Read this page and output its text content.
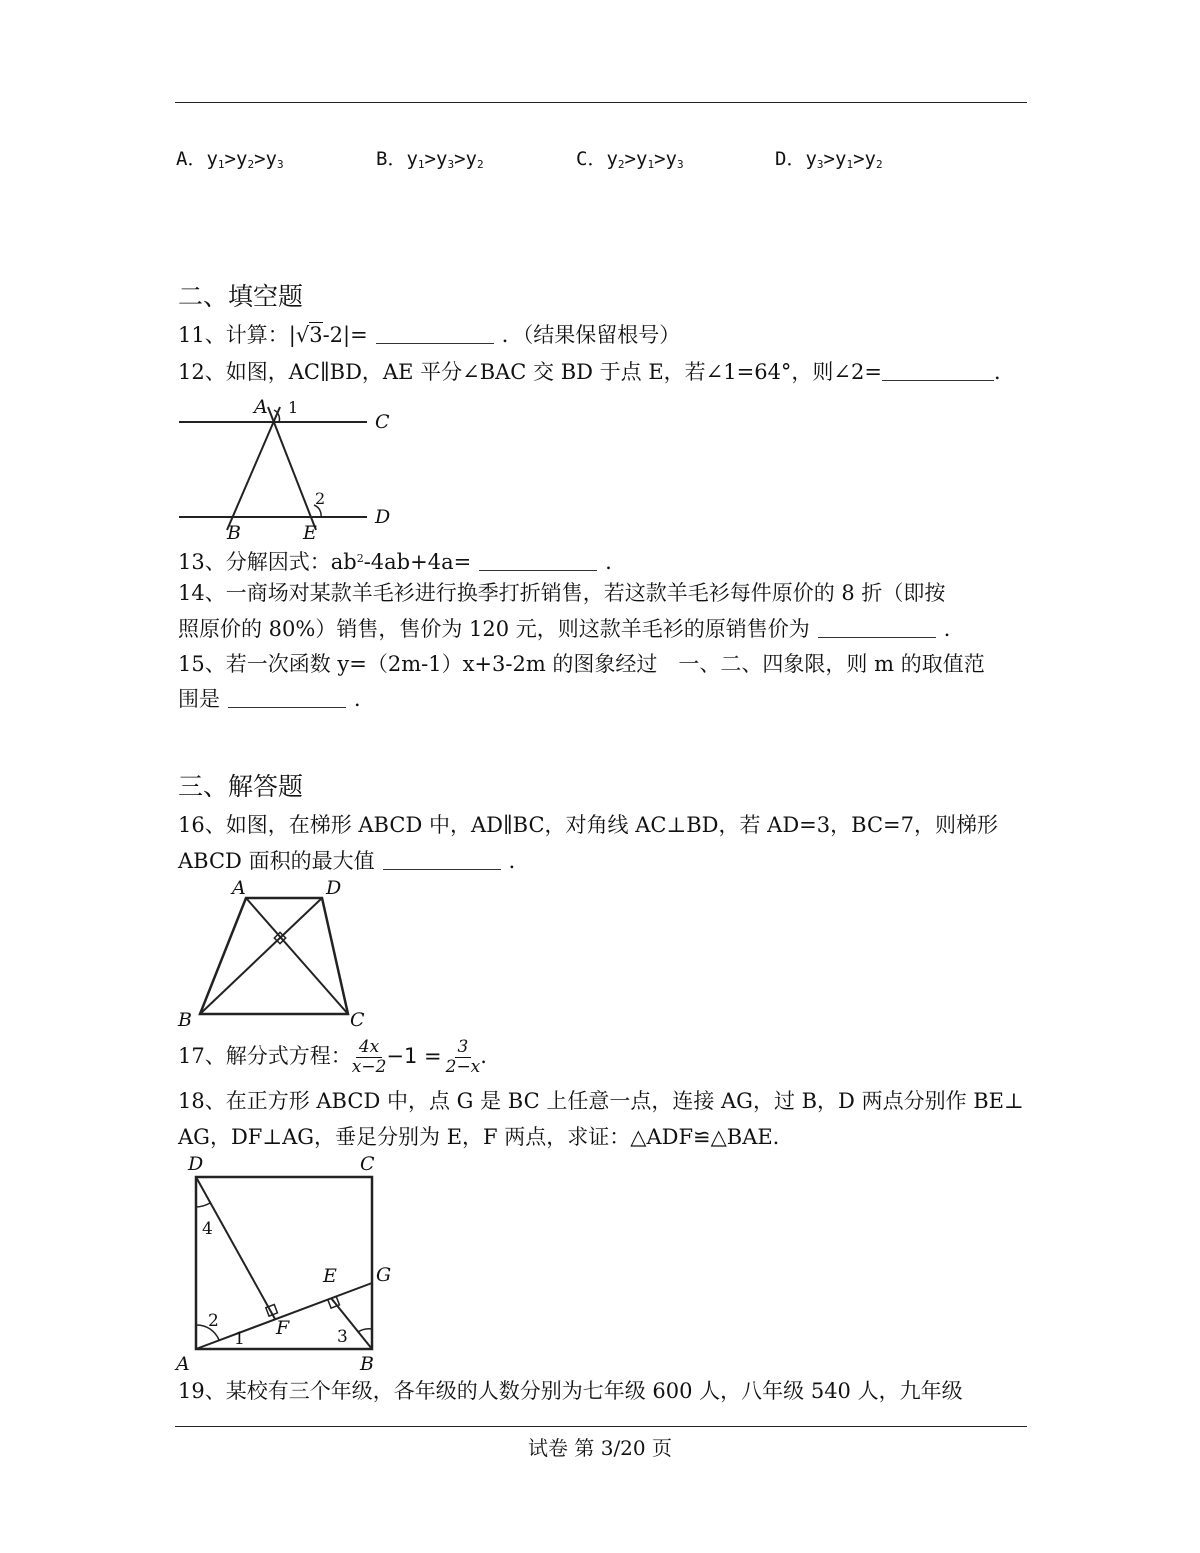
A．$y_1>y_2>y_3$	B．$y_1>y_3>y_2$	C．$y_2>y_1>y_3$	D．$y_3>y_1>y_2$
二、填空题
11、计算：|√3-2|=	．（结果保留根号）
12、如图，AC∥BD，AE 平分∠BAC 交 BD 于点 E，若∠1=64°，则∠2=	．
A 1
C
2
B	E
D
13、分解因式：$ab^2-4ab+4a=$	．
14、一商场对某款羊毛衫进行换季打折销售，若这款羊毛衫每件原价的 8 折（即按
照原价的 80%）销售，售价为 120 元，则这款羊毛衫的原销售价为	．
15、若一次函数 y=（2m-1）x+3-2m 的图象经过　一、二、四象限，则 m 的取值范
围是	．
三、解答题
16、如图，在梯形 ABCD 中，AD∥BC，对角线 AC⊥BD，若 AD=3，BC=7，则梯形
ABCD 面积的最大值	．
A	D
B	C
17、解分式方程： $\frac{4x}{x-2} -1 = \frac{3}{2-x}$ .
18、在正方形 ABCD 中，点 G 是 BC 上任意一点，连接 AG，过 B，D 两点分别作 BE⊥
AG，DF⊥AG，垂足分别为 E，F 两点，求证：△ADF≌△BAE.
D	C
4
E G
2	F
1	3
A	B
19、某校有三个年级，各年级的人数分别为七年级 600 人，八年级 540 人，九年级
试卷 第 3/20 页
